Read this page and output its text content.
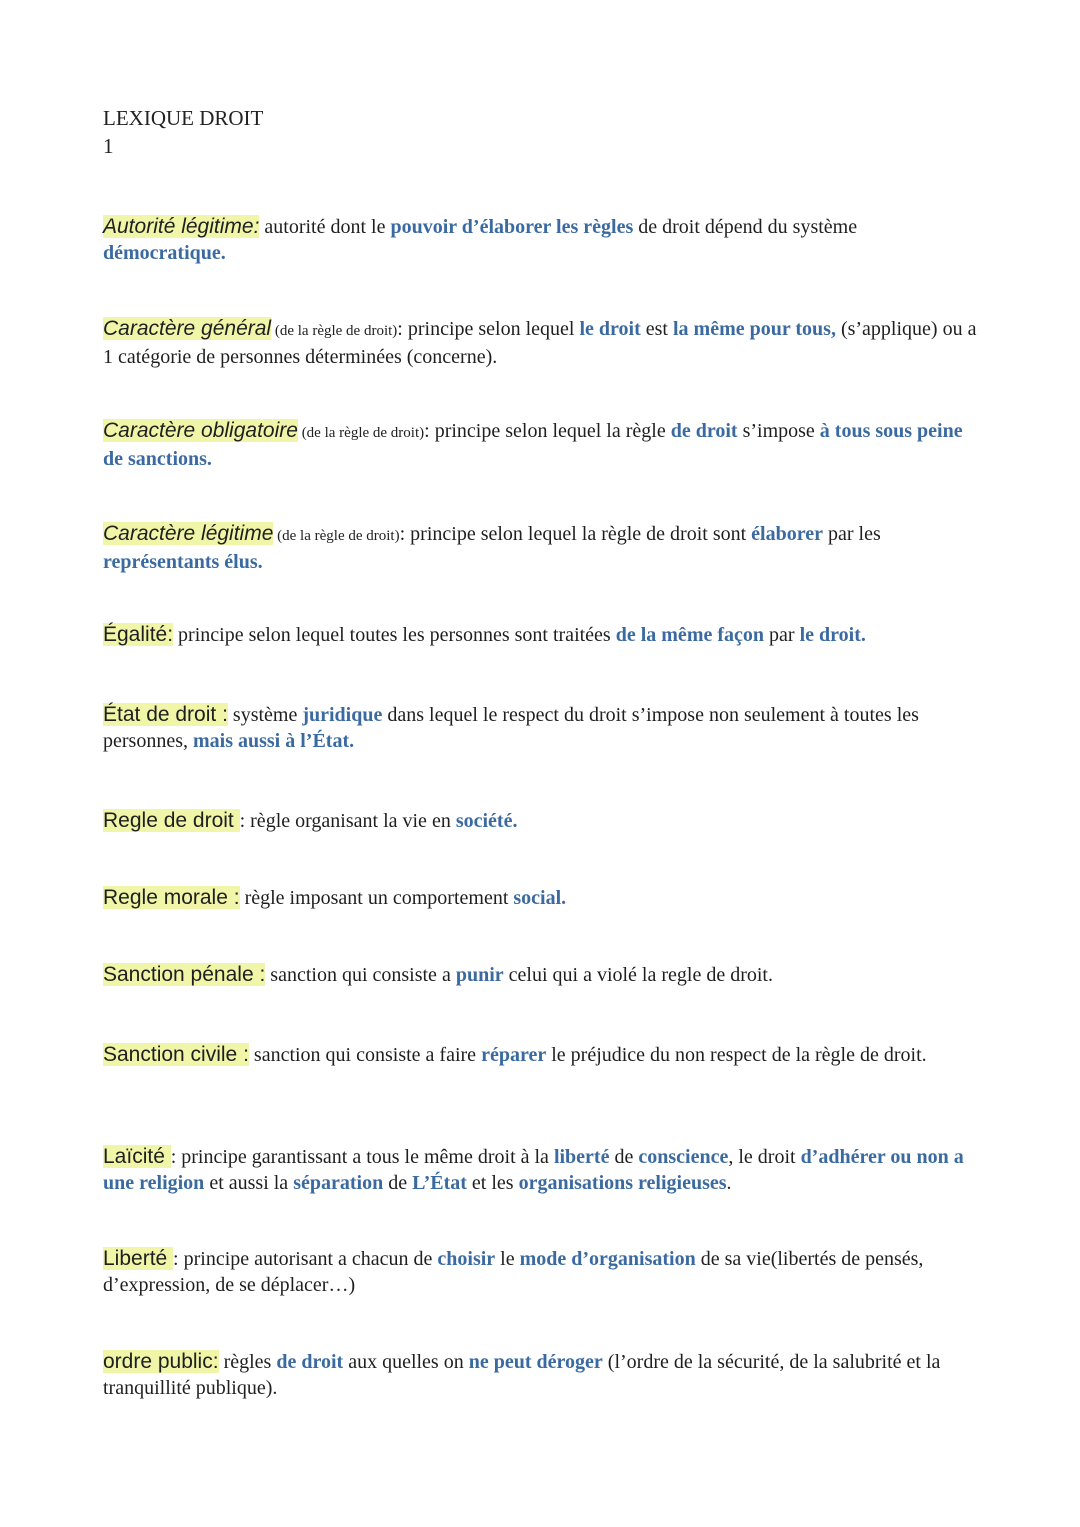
LEXIQUE DROIT
1
Autorité légitime: autorité dont le pouvoir d’élaborer les règles de droit dépend du système démocratique.
Caractère général (de la règle de droit): principe selon lequel le droit est la même pour tous, (s’applique) ou a 1 catégorie de personnes déterminées (concerne).
Caractère obligatoire (de la règle de droit): principe selon lequel la règle de droit s’impose à tous sous peine de sanctions.
Caractère légitime (de la règle de droit): principe selon lequel la règle de droit sont élaborer par les représentants élus.
Égalité: principe selon lequel toutes les personnes sont traitées de la même façon par le droit.
État de droit : système juridique dans lequel le respect du droit s’impose non seulement à toutes les personnes, mais aussi à l’État.
Regle de droit : règle organisant la vie en société.
Regle morale : règle imposant un comportement social.
Sanction pénale : sanction qui consiste a punir celui qui a violé la regle de droit.
Sanction civile : sanction qui consiste a faire réparer le préjudice du non respect de la règle de droit.
Laïcité : principe garantissant a tous le même droit à la liberté de conscience, le droit d’adhérer ou non a une religion et aussi la séparation de L’État et les organisations religieuses.
Liberté : principe autorisant a chacun de choisir le mode d’organisation de sa vie(libertés de pensés, d’expression, de se déplacer…)
ordre public: règles de droit aux quelles on ne peut déroger (l’ordre de la sécurité, de la salubrité et la tranquillité publique).
